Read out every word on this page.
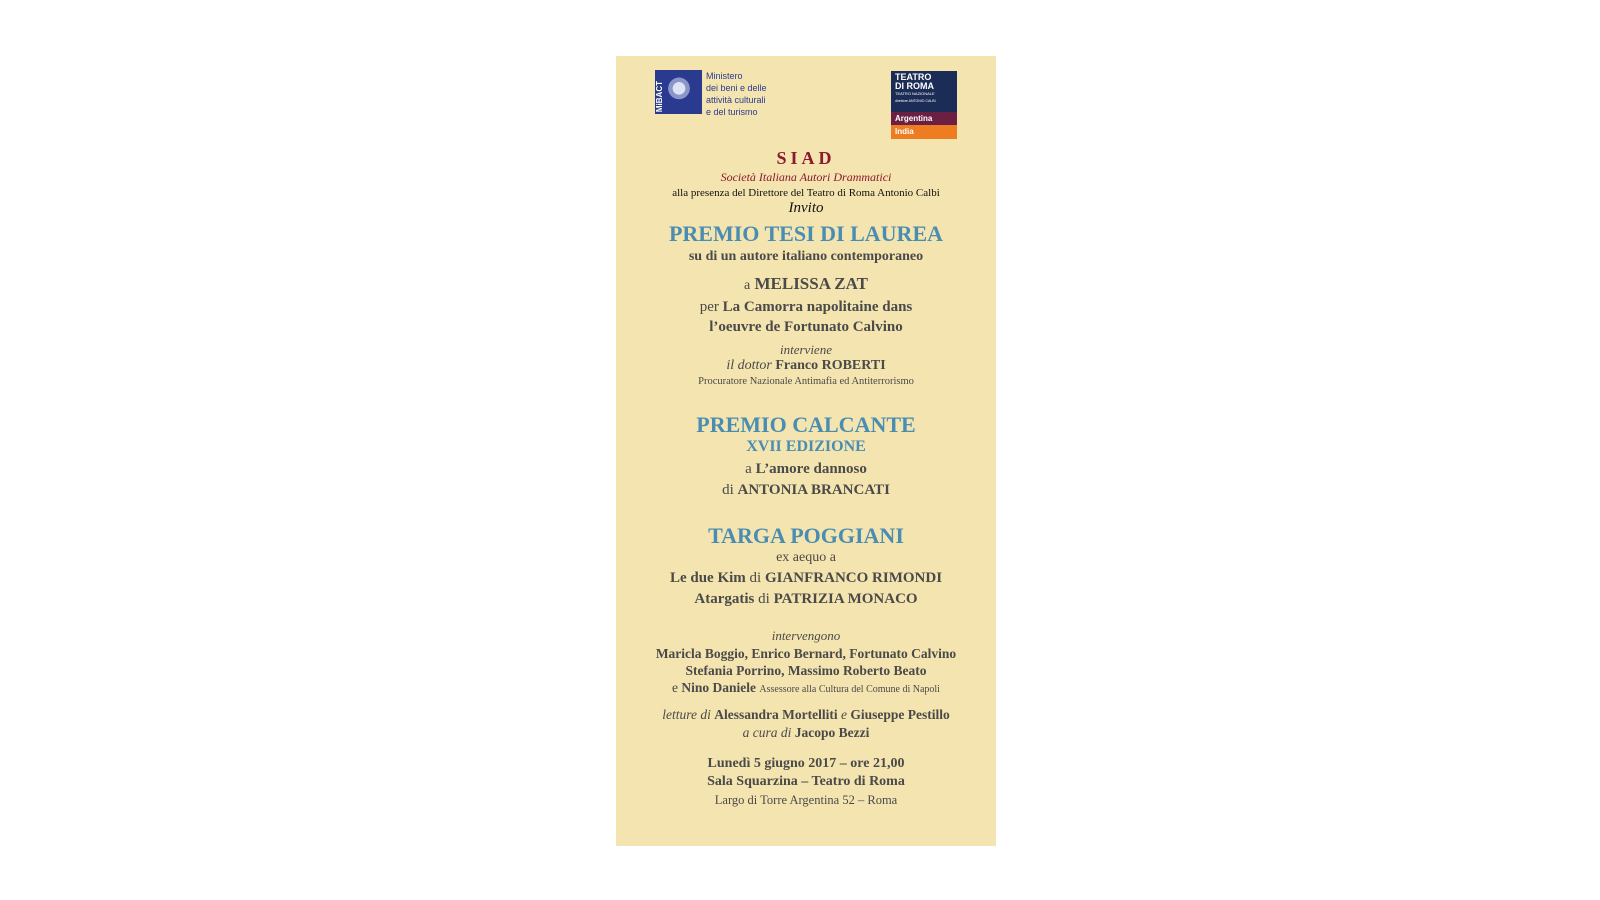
MiBACT
Ministero
dei beni e delle
attività culturali
e del turismo
TEATRO
DI ROMA
TEATRO NAZIONALE
direttore ANTONIO CALBI
Argentina
India
SIAD
Società Italiana Autori Drammatici
alla presenza del Direttore del Teatro di Roma Antonio Calbi
Invito
PREMIO TESI DI LAUREA
su di un autore italiano contemporaneo
a MELISSA ZAT
per La Camorra napolitaine dans
l’oeuvre de Fortunato Calvino
interviene
il dottor Franco ROBERTI
Procuratore Nazionale Antimafia ed Antiterrorismo
PREMIO CALCANTE
XVII EDIZIONE
a L’amore dannoso
di ANTONIA BRANCATI
TARGA POGGIANI
ex aequo a
Le due Kim di GIANFRANCO RIMONDI
Atargatis di PATRIZIA MONACO
intervengono
Maricla Boggio, Enrico Bernard, Fortunato Calvino
Stefania Porrino, Massimo Roberto Beato
e Nino Daniele Assessore alla Cultura del Comune di Napoli
letture di Alessandra Mortelliti e Giuseppe Pestillo
a cura di Jacopo Bezzi
Lunedì 5 giugno 2017 – ore 21,00
Sala Squarzina – Teatro di Roma
Largo di Torre Argentina 52 – Roma
